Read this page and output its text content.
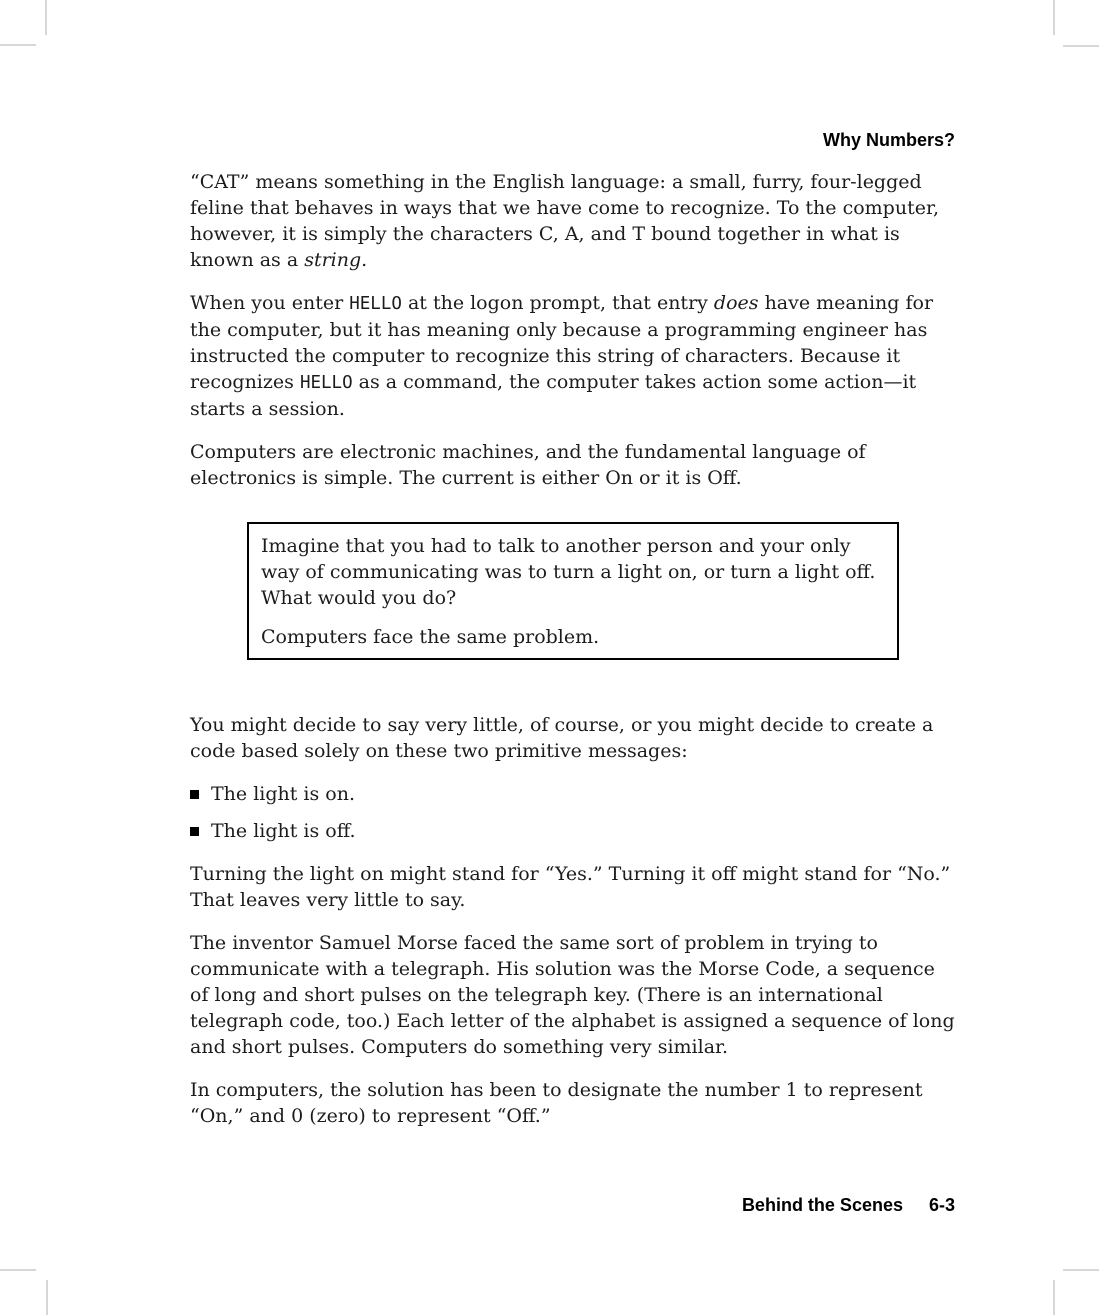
Why Numbers?

“CAT” means something in the English language: a small, furry, four-legged feline that behaves in ways that we have come to recognize. To the computer, however, it is simply the characters C, A, and T bound together in what is known as a string.

When you enter HELLO at the logon prompt, that entry does have meaning for the computer, but it has meaning only because a programming engineer has instructed the computer to recognize this string of characters. Because it recognizes HELLO as a command, the computer takes action some action—it starts a session.

Computers are electronic machines, and the fundamental language of electronics is simple. The current is either On or it is Off.

Imagine that you had to talk to another person and your only way of communicating was to turn a light on, or turn a light off. What would you do?

Computers face the same problem.

You might decide to say very little, of course, or you might decide to create a code based solely on these two primitive messages:

The light is on.
The light is off.

Turning the light on might stand for “Yes.” Turning it off might stand for “No.” That leaves very little to say.

The inventor Samuel Morse faced the same sort of problem in trying to communicate with a telegraph. His solution was the Morse Code, a sequence of long and short pulses on the telegraph key. (There is an international telegraph code, too.) Each letter of the alphabet is assigned a sequence of long and short pulses. Computers do something very similar.

In computers, the solution has been to designate the number 1 to represent “On,” and 0 (zero) to represent “Off.”

Behind the Scenes 6-3
